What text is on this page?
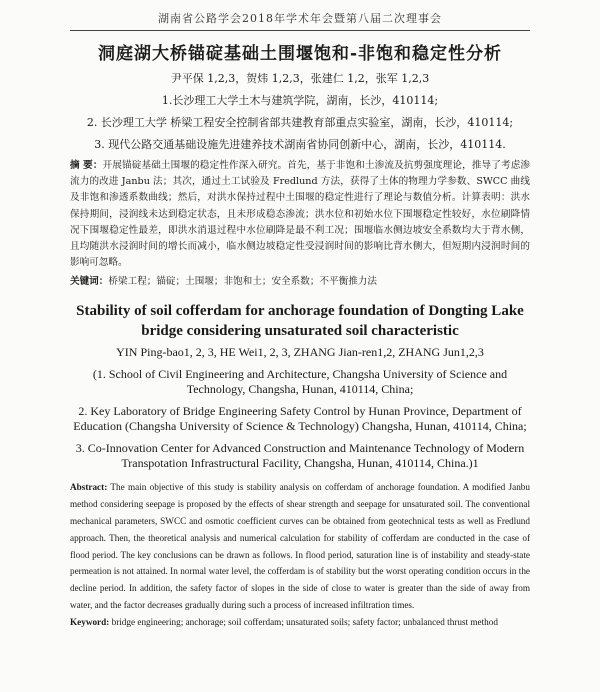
湖南省公路学会2018年学术年会暨第八届二次理事会
洞庭湖大桥锚碇基础土围堰饱和-非饱和稳定性分析
尹平保 1,2,3，贺炜 1,2,3，张建仁 1,2，张军 1,2,3
1.长沙理工大学土木与建筑学院，湖南，长沙，410114;
2. 长沙理工大学 桥梁工程安全控制省部共建教育部重点实验室，湖南，长沙，410114;
3. 现代公路交通基础设施先进建养技术湖南省协同创新中心，湖南，长沙，410114.
摘 要：开展锚碇基础土围堰的稳定性作深入研究。首先，基于非饱和土渗流及抗剪强度理论，推导了考虑渗流力的改进 Janbu 法；其次，通过土工试验及 Fredlund 方法，获得了土体的物理力学参数、SWCC 曲线及非饱和渗透系数曲线；然后，对洪水保持过程中土围堰的稳定性进行了理论与数值分析。计算表明：洪水保持期间，浸润线未达到稳定状态，且未形成稳态渗流；洪水位和初始水位下围堰稳定性较好，水位刷降情况下围堰稳定性最差，即洪水消退过程中水位刷降是最不利工况；围堰临水侧边坡安全系数均大于背水侧，且均随洪水浸润时间的增长而减小，临水侧边坡稳定性受浸润时间的影响比背水侧大，但短期内浸润时间的影响可忽略。
关键词：桥梁工程；锚碇；土围堰；非饱和土；安全系数；不平衡推力法
Stability of soil cofferdam for anchorage foundation of Dongting Lake
bridge considering unsaturated soil characteristic
YIN Ping-bao1, 2, 3, HE Wei1, 2, 3, ZHANG Jian-ren1,2, ZHANG Jun1,2,3
(1. School of Civil Engineering and Architecture, Changsha University of Science and Technology, Changsha, Hunan, 410114, China;
2. Key Laboratory of Bridge Engineering Safety Control by Hunan Province, Department of Education (Changsha University of Science & Technology) Changsha, Hunan, 410114, China;
3. Co-Innovation Center for Advanced Construction and Maintenance Technology of Modern Transpotation Infrastructural Facility, Changsha, Hunan, 410114, China.)1
Abstract: The main objective of this study is stability analysis on cofferdam of anchorage foundation. A modified Janbu method considering seepage is proposed by the effects of shear strength and seepage for unsaturated soil. The conventional mechanical parameters, SWCC and osmotic coefficient curves can be obtained from geotechnical tests as well as Fredlund approach. Then, the theoretical analysis and numerical calculation for stability of cofferdam are conducted in the case of flood period. The key conclusions can be drawn as follows. In flood period, saturation line is of instability and steady-state permeation is not attained. In normal water level, the cofferdam is of stability but the worst operating condition occurs in the decline period. In addition, the safety factor of slopes in the side of close to water is greater than the side of away from water, and the factor decreases gradually during such a process of increased infiltration times.
Keyword: bridge engineering; anchorage; soil cofferdam; unsaturated soils; safety factor; unbalanced thrust method
